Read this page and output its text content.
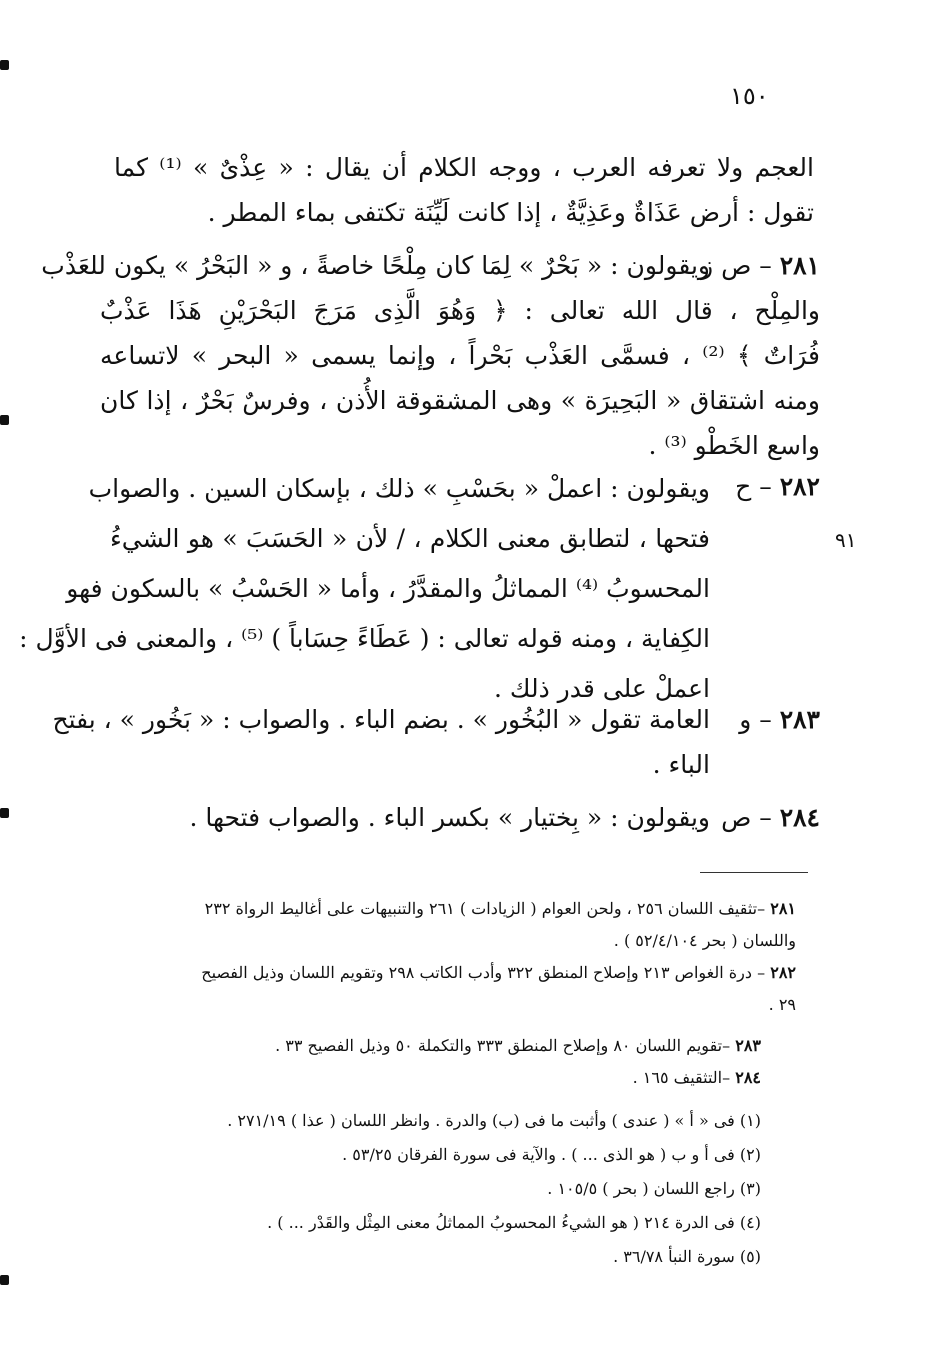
١٥٠
٩١
العجم ولا تعرفه العرب ، ووجه الكلام أن يقال : « عِذْىٌ » ⁽¹⁾ كما
تقول : أرض عَذَاةٌ وعَذِيَّةٌ ، إذا كانت لَيِّنَة تكتفى بماء المطر .
٢٨١ – ص ز
ويقولون : « بَحْرٌ » لِمَا كان مِلْحًا خاصةً ، و « البَحْرُ » يكون للعَذْب
والمِلْح ، قال الله تعالى : ﴿ وَهُوَ الَّذِى مَرَجَ البَحْرَيْنِ هَذَا عَذْبٌ
فُرَاتٌ ﴾ ⁽²⁾ ، فسمَّى العَذْب بَحْراً ، وإنما يسمى « البحر » لاتساعه
ومنه اشتقاق « البَحِيرَة » وهى المشقوقة الأُذن ، وفرسٌ بَحْرٌ ، إذا كان
واسع الخَطْو ⁽³⁾ .
٢٨٢ – ح
ويقولون : اعملْ « بحَسْبِ » ذلك ، بإسكان السين . والصواب
فتحها ، لتطابق معنى الكلام ، / لأن « الحَسَبَ » هو الشيءُ
المحسوبُ ⁽⁴⁾ المماثلُ والمقدَّرُ ، وأما « الحَسْبُ » بالسكون فهو
الكِفاية ، ومنه قوله تعالى : ( عَطَاءً حِسَاباً ) ⁽⁵⁾ ، والمعنى فى الأوَّل :
اعملْ على قدر ذلك .
٢٨٣ – و
العامة تقول « البُخُور » . بضم الباء . والصواب : « بَخُور » ، بفتح
الباء .
٢٨٤ – ص
ويقولون : « بِختيار » بكسر الباء . والصواب فتحها .
٢٨١ –تثقيف اللسان ٢٥٦ ، ولحن العوام ( الزيادات ) ٢٦١ والتنبيهات على أغاليط الرواة ٢٣٢
واللسان ( بحر ٥٢/٤/١٠٤ ) .
٢٨٢ – درة الغواص ٢١٣ وإصلاح المنطق ٣٢٢ وأدب الكاتب ٢٩٨ وتقويم اللسان وذيل الفصيح
٢٩ .
٢٨٣ –تقويم اللسان ٨٠ وإصلاح المنطق ٣٣٣ والتكملة ٥٠ وذيل الفصيح ٣٣ .
٢٨٤ –التثقيف ١٦٥ .
(١) فى « أ » ( عندى ) وأثبت ما فى (ب) والدرة . وانظر اللسان ( عذا ) ٢٧١/١٩ .
(٢) فى أ و ب ( هو الذى ... ) . والآية فى سورة الفرقان ٥٣/٢٥ .
(٣) راجع اللسان ( بحر ) ١٠٥/٥ .
(٤) فى الدرة ٢١٤ ( هو الشيءُ المحسوبُ المماثلُ معنى المِثْل والقَدْر ... ) .
(٥) سورة النبأ ٣٦/٧٨ .
